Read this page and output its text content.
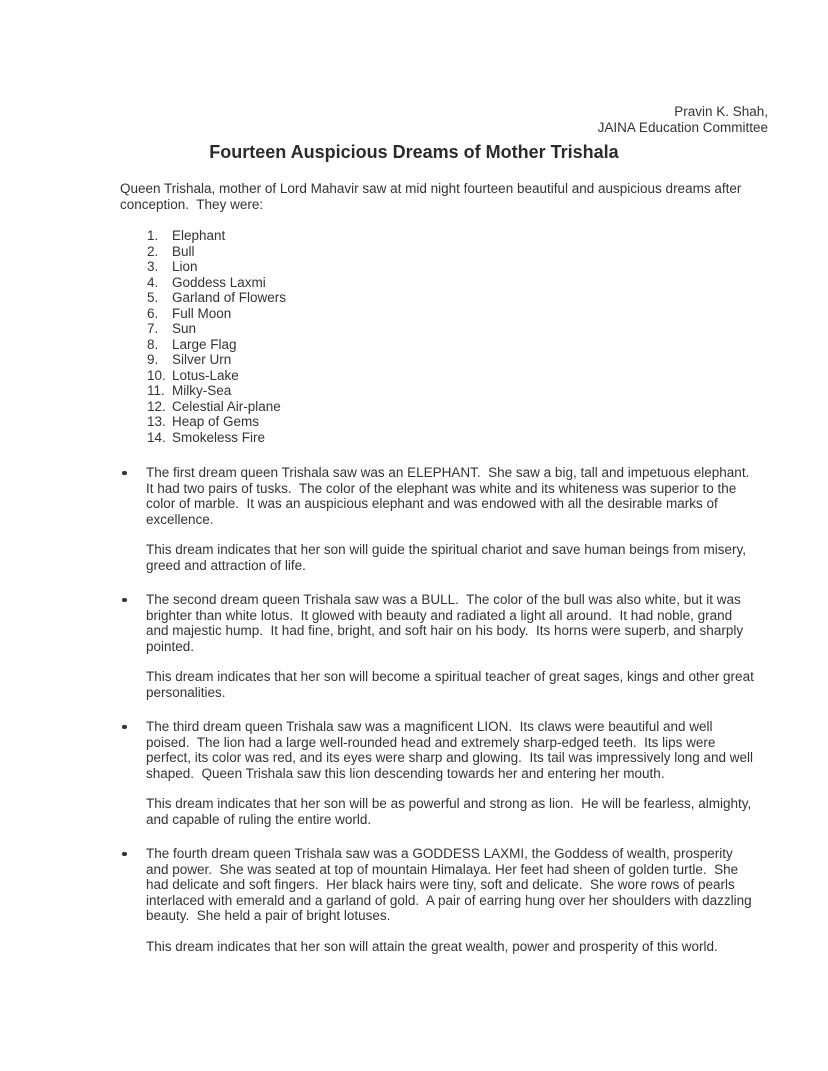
Pravin K. Shah,
JAINA Education Committee
Fourteen Auspicious Dreams of Mother Trishala

Queen Trishala, mother of Lord Mahavir saw at mid night fourteen beautiful and auspicious dreams after conception.  They were:

1.	Elephant
2.	Bull
3.	Lion
4.	Goddess Laxmi
5.	Garland of Flowers
6.	Full Moon
7.	Sun
8.	Large Flag
9.	Silver Urn
10. Lotus-Lake
11. Milky-Sea
12. Celestial Air-plane
13. Heap of Gems
14. Smokeless Fire
The first dream queen Trishala saw was an ELEPHANT.  She saw a big, tall and impetuous elephant. It had two pairs of tusks.  The color of the elephant was white and its whiteness was superior to the color of marble.  It was an auspicious elephant and was endowed with all the desirable marks of excellence.
This dream indicates that her son will guide the spiritual chariot and save human beings from misery, greed and attraction of life.
The second dream queen Trishala saw was a BULL.  The color of the bull was also white, but it was brighter than white lotus.  It glowed with beauty and radiated a light all around.  It had noble, grand and majestic hump.  It had fine, bright, and soft hair on his body.  Its horns were superb, and sharply pointed.
This dream indicates that her son will become a spiritual teacher of great sages, kings and other great personalities.
The third dream queen Trishala saw was a magnificent LION.  Its claws were beautiful and well poised.  The lion had a large well-rounded head and extremely sharp-edged teeth.  Its lips were perfect, its color was red, and its eyes were sharp and glowing.  Its tail was impressively long and well shaped.  Queen Trishala saw this lion descending towards her and entering her mouth.
This dream indicates that her son will be as powerful and strong as lion.  He will be fearless, almighty, and capable of ruling the entire world.
The fourth dream queen Trishala saw was a GODDESS LAXMI, the Goddess of wealth, prosperity and power.  She was seated at top of mountain Himalaya. Her feet had sheen of golden turtle.  She had delicate and soft fingers.  Her black hairs were tiny, soft and delicate.  She wore rows of pearls interlaced with emerald and a garland of gold.  A pair of earring hung over her shoulders with dazzling beauty.  She held a pair of bright lotuses.
This dream indicates that her son will attain the great wealth, power and prosperity of this world.
